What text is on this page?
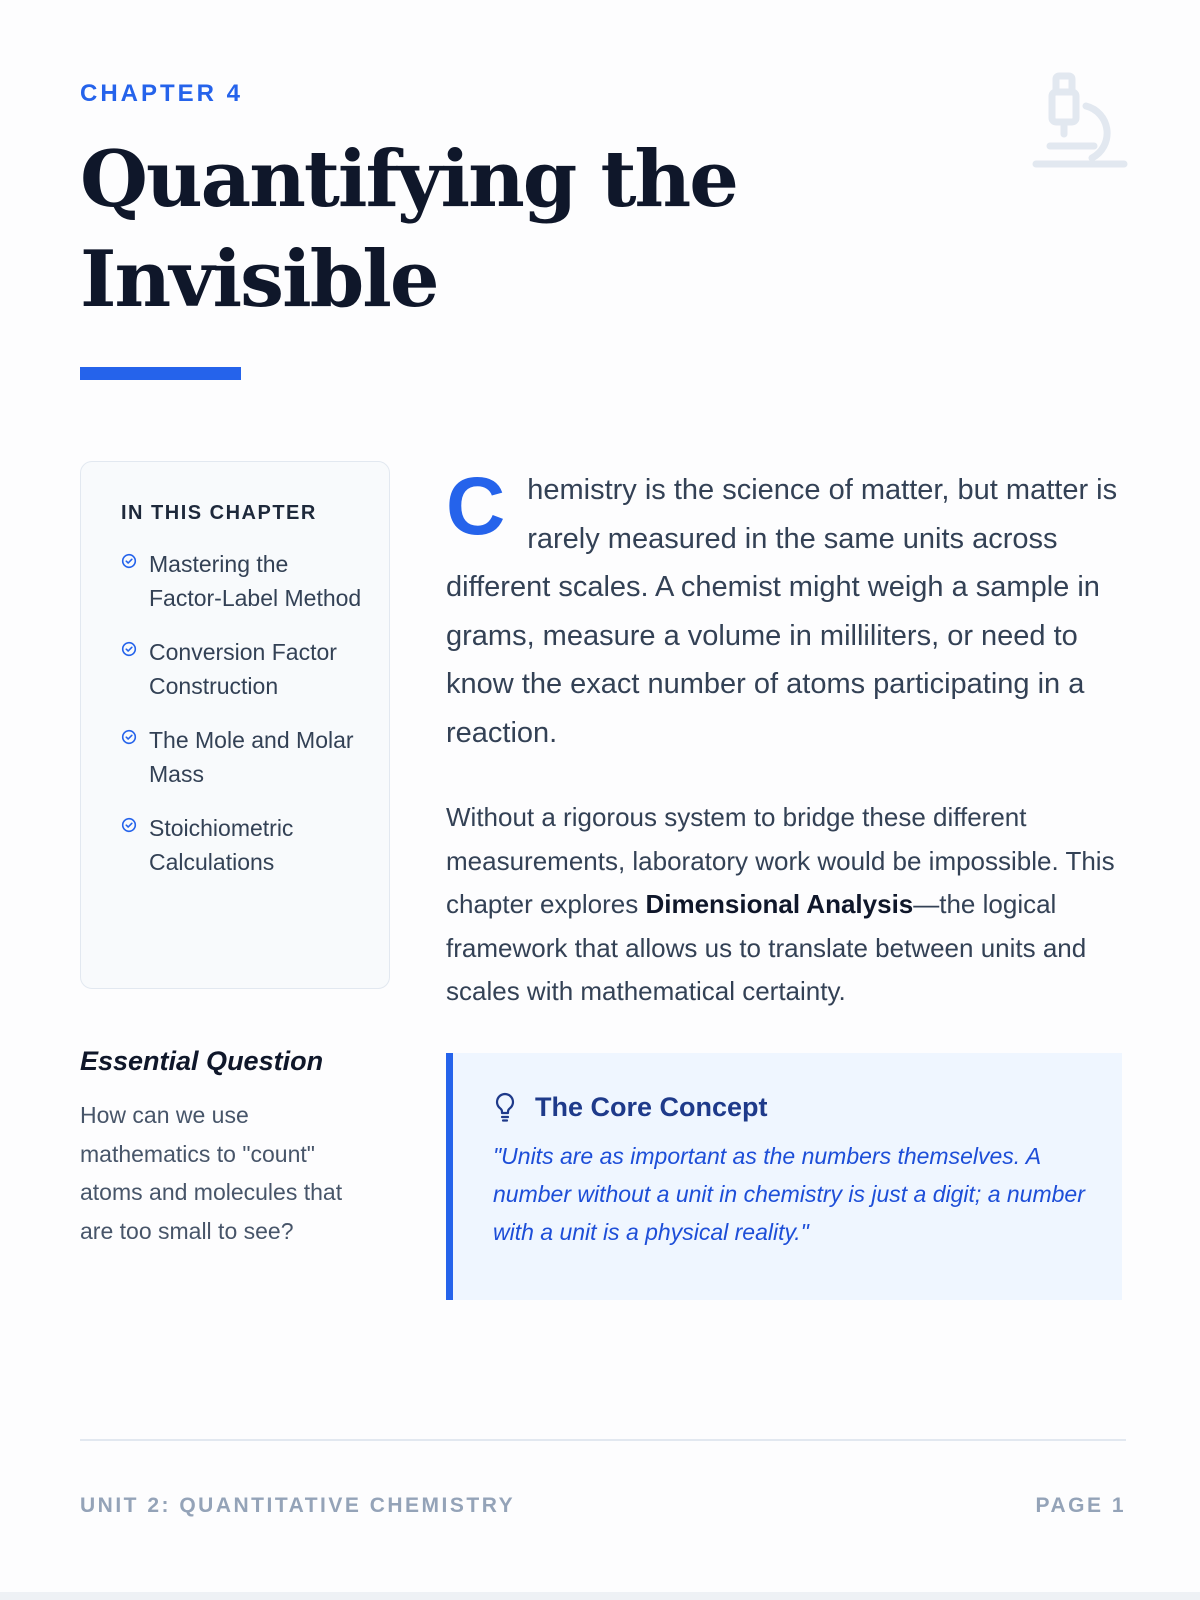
CHAPTER 4
Quantifying the Invisible
IN THIS CHAPTER
Mastering the Factor-Label Method
Conversion Factor Construction
The Mole and Molar Mass
Stoichiometric Calculations
Essential Question
How can we use mathematics to "count" atoms and molecules that are too small to see?

Chemistry is the science of matter, but matter is rarely measured in the same units across different scales. A chemist might weigh a sample in grams, measure a volume in milliliters, or need to know the exact number of atoms participating in a reaction.

Without a rigorous system to bridge these different measurements, laboratory work would be impossible. This chapter explores Dimensional Analysis—the logical framework that allows us to translate between units and scales with mathematical certainty.

The Core Concept
"Units are as important as the numbers themselves. A number without a unit in chemistry is just a digit; a number with a unit is a physical reality."
UNIT 2: QUANTITATIVE CHEMISTRY	PAGE 1
